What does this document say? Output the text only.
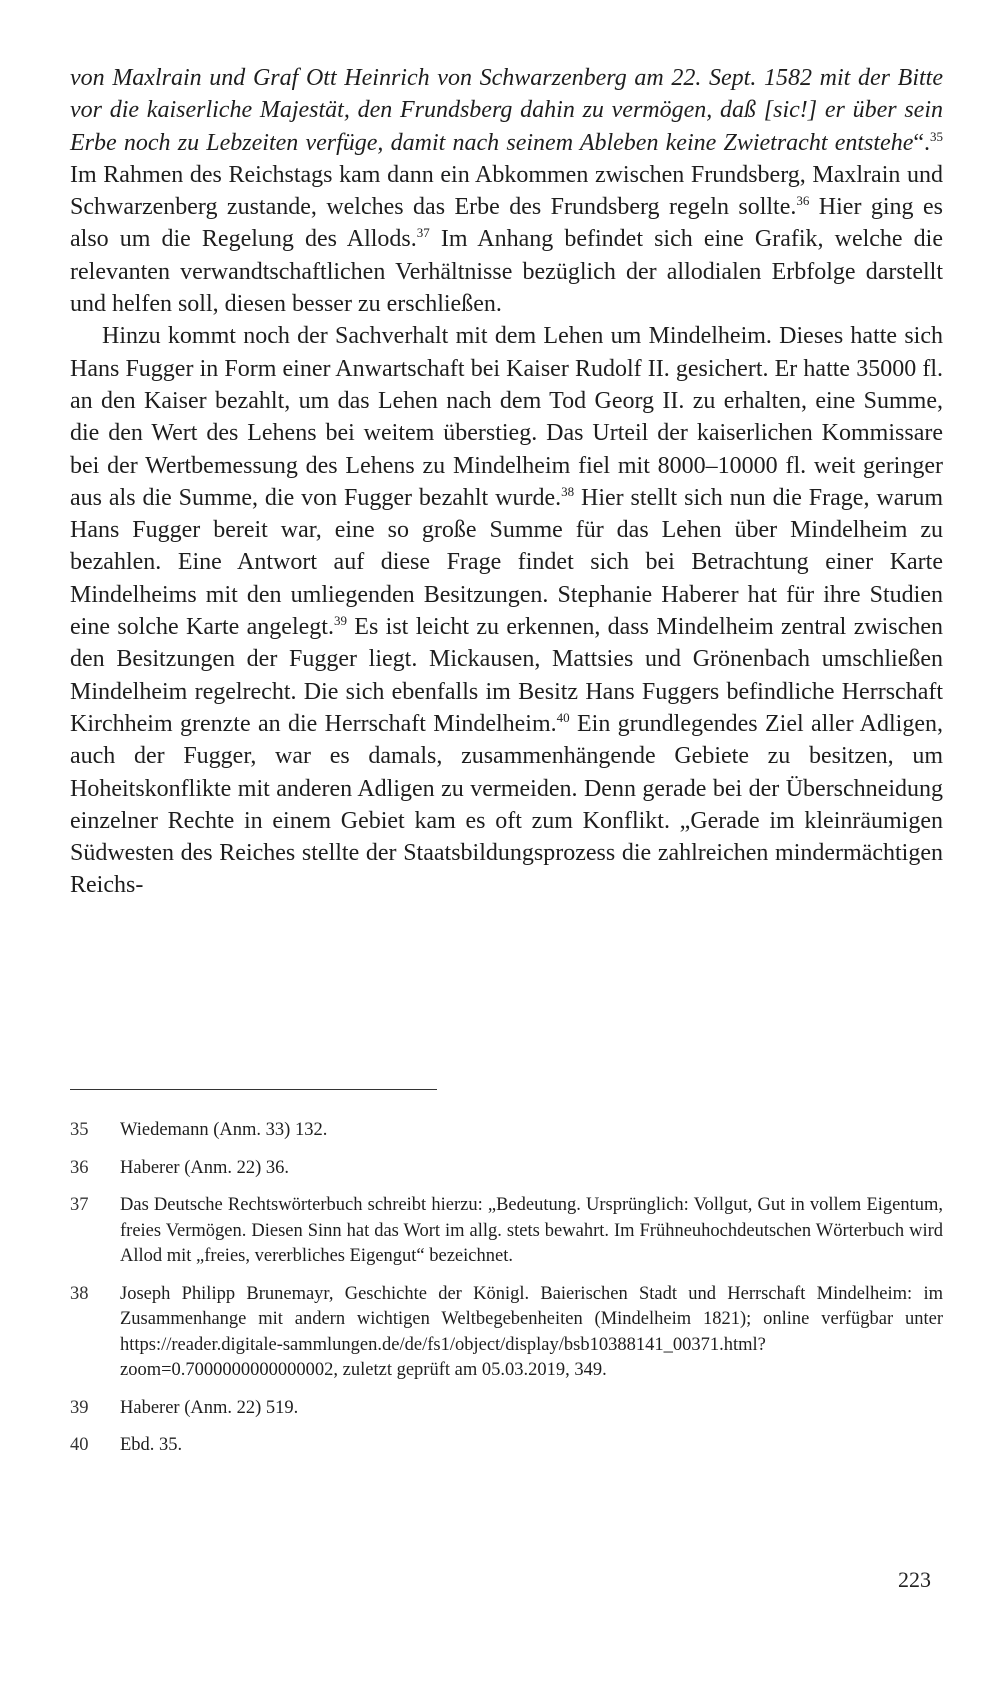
von Maxlrain und Graf Ott Heinrich von Schwarzenberg am 22. Sept. 1582 mit der Bitte vor die kaiserliche Majestät, den Frundsberg dahin zu vermögen, daß [sic!] er über sein Erbe noch zu Lebzeiten verfüge, damit nach seinem Ableben keine Zwietracht entstehe“.$^{35}$ Im Rahmen des Reichstags kam dann ein Abkommen zwischen Frundsberg, Maxlrain und Schwarzenberg zustande, welches das Erbe des Frundsberg regeln sollte.$^{36}$ Hier ging es also um die Regelung des Allods.$^{37}$ Im Anhang befindet sich eine Grafik, welche die relevanten verwandtschaftlichen Verhältnisse bezüglich der allodialen Erbfolge darstellt und helfen soll, diesen besser zu erschließen.

Hinzu kommt noch der Sachverhalt mit dem Lehen um Mindelheim. Dieses hatte sich Hans Fugger in Form einer Anwartschaft bei Kaiser Rudolf II. gesichert. Er hatte 35000 fl. an den Kaiser bezahlt, um das Lehen nach dem Tod Georg II. zu erhalten, eine Summe, die den Wert des Lehens bei weitem überstieg. Das Urteil der kaiserlichen Kommissare bei der Wertbemessung des Lehens zu Mindelheim fiel mit 8000–10000 fl. weit geringer aus als die Summe, die von Fugger bezahlt wurde.$^{38}$ Hier stellt sich nun die Frage, warum Hans Fugger bereit war, eine so große Summe für das Lehen über Mindelheim zu bezahlen. Eine Antwort auf diese Frage findet sich bei Betrachtung einer Karte Mindelheims mit den umliegenden Besitzungen. Stephanie Haberer hat für ihre Studien eine solche Karte angelegt.$^{39}$ Es ist leicht zu erkennen, dass Mindelheim zentral zwischen den Besitzungen der Fugger liegt. Mickausen, Mattsies und Grönenbach umschließen Mindelheim regelrecht. Die sich ebenfalls im Besitz Hans Fuggers befindliche Herrschaft Kirchheim grenzte an die Herrschaft Mindelheim.$^{40}$ Ein grundlegendes Ziel aller Adligen, auch der Fugger, war es damals, zusammenhängende Gebiete zu besitzen, um Hoheitskonflikte mit anderen Adligen zu vermeiden. Denn gerade bei der Überschneidung einzelner Rechte in einem Gebiet kam es oft zum Konflikt. „Gerade im kleinräumigen Südwesten des Reiches stellte der Staatsbildungsprozess die zahlreichen mindermächtigen Reichs-

35	Wiedemann (Anm. 33) 132.
36	Haberer (Anm. 22) 36.
37	Das Deutsche Rechtswörterbuch schreibt hierzu: „Bedeutung. Ursprünglich: Vollgut, Gut in vollem Eigentum, freies Vermögen. Diesen Sinn hat das Wort im allg. stets bewahrt. Im Frühneuhochdeutschen Wörterbuch wird Allod mit „freies, vererbliches Eigengut“ bezeichnet.
38	Joseph Philipp Brunemayr, Geschichte der Königl. Baierischen Stadt und Herrschaft Mindelheim: im Zusammenhange mit andern wichtigen Weltbegebenheiten (Mindelheim 1821); online verfügbar unter https://reader.digitale-sammlungen.de/de/fs1/object/display/bsb10388141_00371.html?zoom=0.7000000000000002, zuletzt geprüft am 05.03.2019, 349.
39	Haberer (Anm. 22) 519.
40	Ebd. 35.
223
